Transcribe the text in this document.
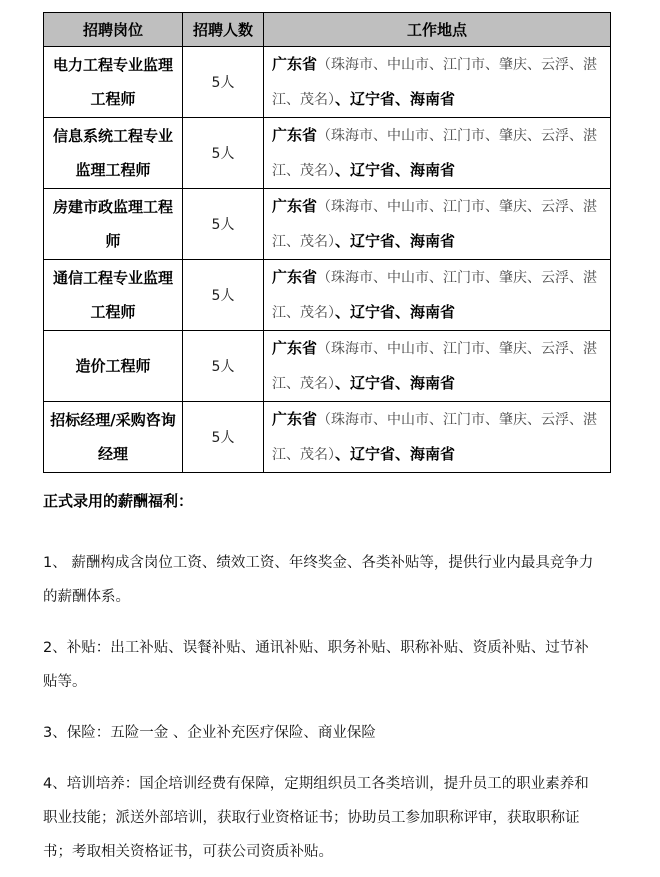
招聘岗位	招聘人数	工作地点
电力工程专业监理工程师	5人	广东省（珠海市、中山市、江门市、肇庆、云浮、湛江、茂名）、辽宁省、海南省
信息系统工程专业监理工程师	5人	广东省（珠海市、中山市、江门市、肇庆、云浮、湛江、茂名）、辽宁省、海南省
房建市政监理工程师	5人	广东省（珠海市、中山市、江门市、肇庆、云浮、湛江、茂名）、辽宁省、海南省
通信工程专业监理工程师	5人	广东省（珠海市、中山市、江门市、肇庆、云浮、湛江、茂名）、辽宁省、海南省
造价工程师	5人	广东省（珠海市、中山市、江门市、肇庆、云浮、湛江、茂名）、辽宁省、海南省
招标经理/采购咨询经理	5人	广东省（珠海市、中山市、江门市、肇庆、云浮、湛江、茂名）、辽宁省、海南省
正式录用的薪酬福利：
1、 薪酬构成含岗位工资、绩效工资、年终奖金、各类补贴等，提供行业内最具竞争力的薪酬体系。
2、补贴：出工补贴、误餐补贴、通讯补贴、职务补贴、职称补贴、资质补贴、过节补贴等。
3、保险：五险一金 、企业补充医疗保险、商业保险
4、培训培养：国企培训经费有保障，定期组织员工各类培训，提升员工的职业素养和职业技能；派送外部培训，获取行业资格证书；协助员工参加职称评审，获取职称证书；考取相关资格证书，可获公司资质补贴。
